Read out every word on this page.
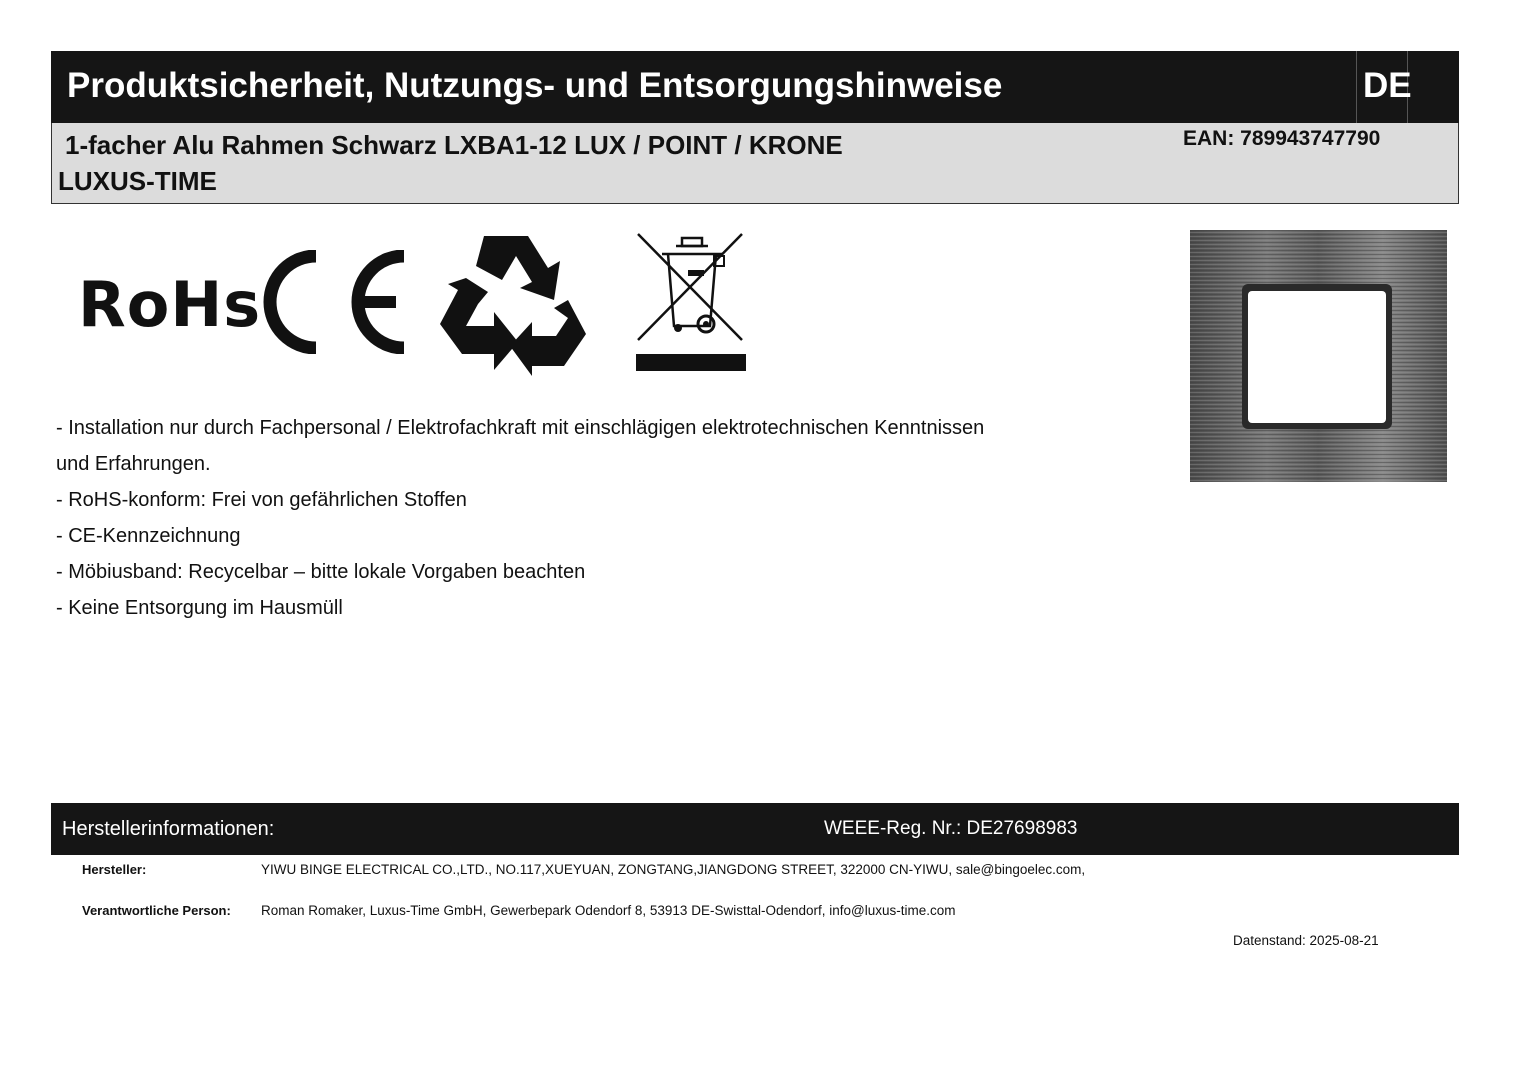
Produktsicherheit, Nutzungs- und Entsorgungshinweise	DE
1-facher Alu Rahmen Schwarz LXBA1-12 LUX / POINT / KRONE
LUXUS-TIME
EAN: 789943747790
RoHs

- Installation nur durch Fachpersonal / Elektrofachkraft mit einschlägigen elektrotechnischen Kenntnissen

und Erfahrungen.

- RoHS-konform: Frei von gefährlichen Stoffen

- CE-Kennzeichnung

- Möbiusband: Recycelbar – bitte lokale Vorgaben beachten

- Keine Entsorgung im Hausmüll

Herstellerinformationen:	WEEE-Reg. Nr.: DE27698983
Hersteller:	YIWU BINGE ELECTRICAL CO.,LTD., NO.117,XUEYUAN, ZONGTANG,JIANGDONG STREET, 322000 CN-YIWU, sale@bingoelec.com,
Verantwortliche Person: Roman Romaker, Luxus-Time GmbH, Gewerbepark Odendorf 8, 53913 DE-Swisttal-Odendorf, info@luxus-time.com
Datenstand: 2025-08-21
